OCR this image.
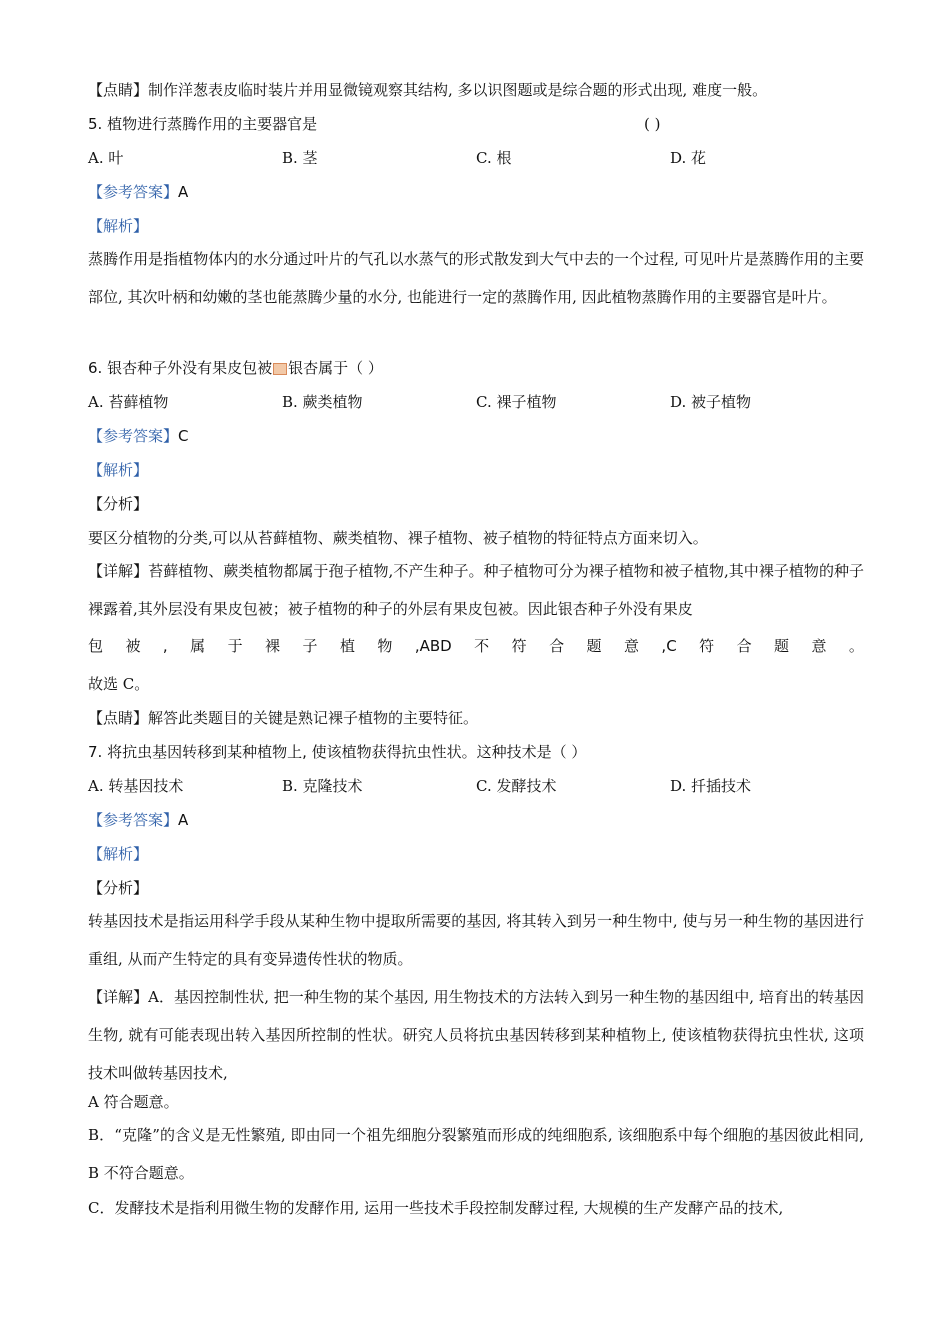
【点睛】制作洋葱表皮临时装片并用显微镜观察其结构, 多以识图题或是综合题的形式出现, 难度一般。
5. 植物进行蒸腾作用的主要器官是	( )
A. 叶	B. 茎	C. 根	D. 花
【参考答案】A
【解析】
蒸腾作用是指植物体内的水分通过叶片的气孔以水蒸气的形式散发到大气中去的一个过程, 可见叶片是蒸腾作用的主要部位, 其次叶柄和幼嫩的茎也能蒸腾少量的水分, 也能进行一定的蒸腾作用, 因此植物蒸腾作用的主要器官是叶片。
6. 银杏种子外没有果皮包被 银杏属于（ ）
A. 苔藓植物	B. 蕨类植物	C. 裸子植物	D. 被子植物
【参考答案】C
【解析】
【分析】
要区分植物的分类,可以从苔藓植物、蕨类植物、裸子植物、被子植物的特征特点方面来切入。
【详解】苔藓植物、蕨类植物都属于孢子植物,不产生种子。种子植物可分为裸子植物和被子植物,其中裸子植物的种子裸露着,其外层没有果皮包被；被子植物的种子的外层有果皮包被。因此银杏种子外没有果皮
包 被 , 属 于 裸 子 植 物 ,ABD 不 符 合 题 意 ,C 符 合 题 意 。
故选 C。
【点睛】解答此类题目的关键是熟记裸子植物的主要特征。
7. 将抗虫基因转移到某种植物上, 使该植物获得抗虫性状。这种技术是（ ）
A. 转基因技术	B. 克隆技术	C. 发酵技术	D. 扦插技术
【参考答案】A
【解析】
【分析】
转基因技术是指运用科学手段从某种生物中提取所需要的基因, 将其转入到另一种生物中, 使与另一种生物的基因进行重组, 从而产生特定的具有变异遗传性状的物质。
【详解】A．基因控制性状, 把一种生物的某个基因, 用生物技术的方法转入到另一种生物的基因组中, 培育出的转基因生物, 就有可能表现出转入基因所控制的性状。研究人员将抗虫基因转移到某种植物上, 使该植物获得抗虫性状, 这项技术叫做转基因技术,
A 符合题意。
B．“克隆”的含义是无性繁殖, 即由同一个祖先细胞分裂繁殖而形成的纯细胞系, 该细胞系中每个细胞的基因彼此相同, B 不符合题意。
C．发酵技术是指利用微生物的发酵作用, 运用一些技术手段控制发酵过程, 大规模的生产发酵产品的技术,
